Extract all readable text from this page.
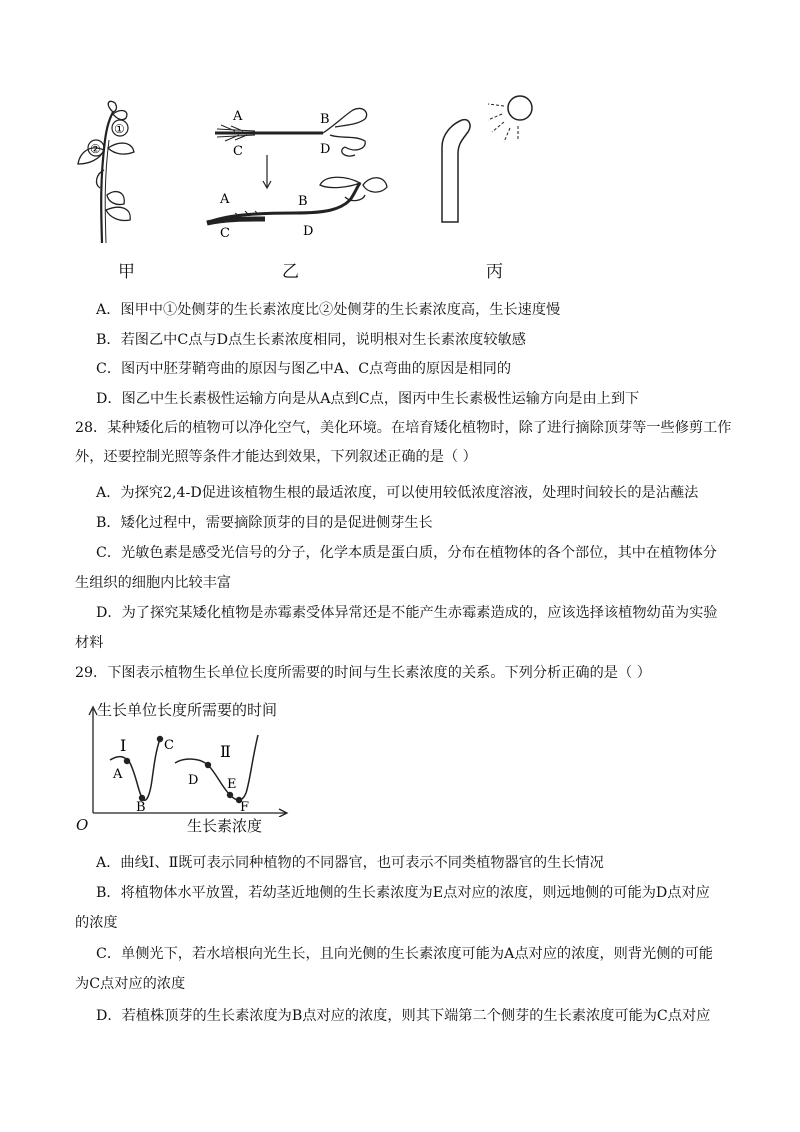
①
②
甲
A	B
C	D
A	B
C	D
乙	丙
A．图甲中①处侧芽的生长素浓度比②处侧芽的生长素浓度高，生长速度慢
B．若图乙中C点与D点生长素浓度相同，说明根对生长素浓度较敏感
C．图丙中胚芽鞘弯曲的原因与图乙中A、C点弯曲的原因是相同的
D．图乙中生长素极性运输方向是从A点到C点，图丙中生长素极性运输方向是由上到下
28．某种矮化后的植物可以净化空气，美化环境。在培育矮化植物时，除了进行摘除顶芽等一些修剪工作
外，还要控制光照等条件才能达到效果，下列叙述正确的是（ ）
A．为探究2,4-D促进该植物生根的最适浓度，可以使用较低浓度溶液，处理时间较长的是沾蘸法
B．矮化过程中，需要摘除顶芽的目的是促进侧芽生长
C．光敏色素是感受光信号的分子，化学本质是蛋白质，分布在植物体的各个部位，其中在植物体分
生组织的细胞内比较丰富
D．为了探究某矮化植物是赤霉素受体异常还是不能产生赤霉素造成的，应该选择该植物幼苗为实验
材料
29．下图表示植物生长单位长度所需要的时间与生长素浓度的关系。下列分析正确的是（ ）
生长单位长度所需要的时间
Ⅰ	Ⅱ
A
B
C
D E
F
O	生长素浓度
A．曲线Ⅰ、Ⅱ既可表示同种植物的不同器官，也可表示不同类植物器官的生长情况
B．将植物体水平放置，若幼茎近地侧的生长素浓度为E点对应的浓度，则远地侧的可能为D点对应
的浓度
C．单侧光下，若水培根向光生长，且向光侧的生长素浓度可能为A点对应的浓度，则背光侧的可能
为C点对应的浓度
D．若植株顶芽的生长素浓度为B点对应的浓度，则其下端第二个侧芽的生长素浓度可能为C点对应
